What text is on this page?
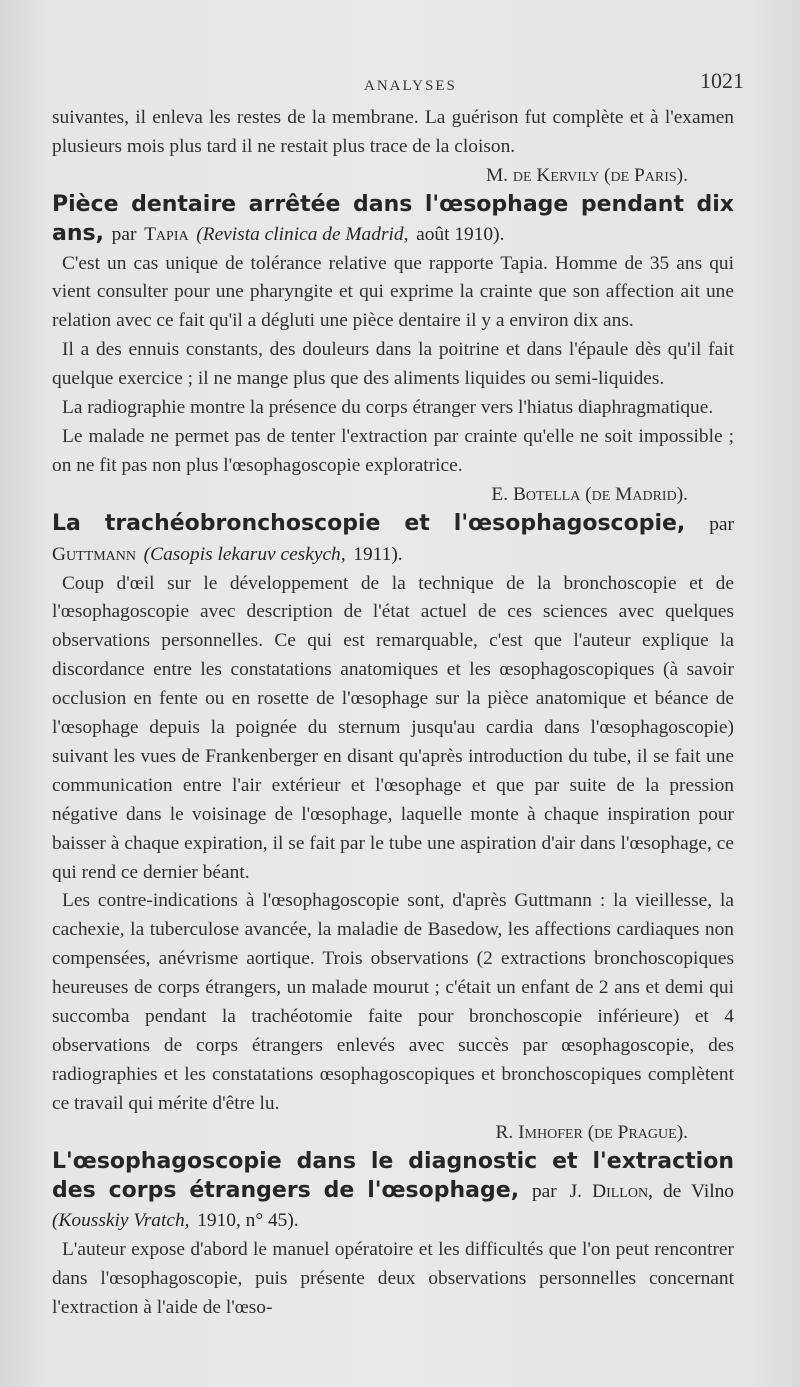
ANALYSES	1021

suivantes, il enleva les restes de la membrane. La guérison fut complète et à l'examen plusieurs mois plus tard il ne restait plus trace de la cloison.

M. de Kervily (de Paris).

Pièce dentaire arrêtée dans l'œsophage pendant dix ans, par Tapia (Revista clinica de Madrid, août 1910).

C'est un cas unique de tolérance relative que rapporte Tapia. Homme de 35 ans qui vient consulter pour une pharyngite et qui exprime la crainte que son affection ait une relation avec ce fait qu'il a dégluti une pièce dentaire il y a environ dix ans.

Il a des ennuis constants, des douleurs dans la poitrine et dans l'épaule dès qu'il fait quelque exercice ; il ne mange plus que des aliments liquides ou semi-liquides.

La radiographie montre la présence du corps étranger vers l'hiatus diaphragmatique.

Le malade ne permet pas de tenter l'extraction par crainte qu'elle ne soit impossible ; on ne fit pas non plus l'œsophagoscopie exploratrice.

E. Botella (de Madrid).

La trachéobronchoscopie et l'œsophagoscopie, par Guttmann (Casopis lekaruv ceskych, 1911).

Coup d'œil sur le développement de la technique de la bronchoscopie et de l'œsophagoscopie avec description de l'état actuel de ces sciences avec quelques observations personnelles. Ce qui est remarquable, c'est que l'auteur explique la discordance entre les constatations anatomiques et les œsophagoscopiques (à savoir occlusion en fente ou en rosette de l'œsophage sur la pièce anatomique et béance de l'œsophage depuis la poignée du sternum jusqu'au cardia dans l'œsophagoscopie) suivant les vues de Frankenberger en disant qu'après introduction du tube, il se fait une communication entre l'air extérieur et l'œsophage et que par suite de la pression négative dans le voisinage de l'œsophage, laquelle monte à chaque inspiration pour baisser à chaque expiration, il se fait par le tube une aspiration d'air dans l'œsophage, ce qui rend ce dernier béant.

Les contre-indications à l'œsophagoscopie sont, d'après Guttmann : la vieillesse, la cachexie, la tuberculose avancée, la maladie de Basedow, les affections cardiaques non compensées, anévrisme aortique. Trois observations (2 extractions bronchoscopiques heureuses de corps étrangers, un malade mourut ; c'était un enfant de 2 ans et demi qui succomba pendant la trachéotomie faite pour bronchoscopie inférieure) et 4 observations de corps étrangers enlevés avec succès par œsophagoscopie, des radiographies et les constatations œsophagoscopiques et bronchoscopiques complètent ce travail qui mérite d'être lu.

R. Imhofer (de Prague).

L'œsophagoscopie dans le diagnostic et l'extraction des corps étrangers de l'œsophage, par J. Dillon, de Vilno (Kousskiy Vratch, 1910, n° 45).

L'auteur expose d'abord le manuel opératoire et les difficultés que l'on peut rencontrer dans l'œsophagoscopie, puis présente deux observations personnelles concernant l'extraction à l'aide de l'œso-
